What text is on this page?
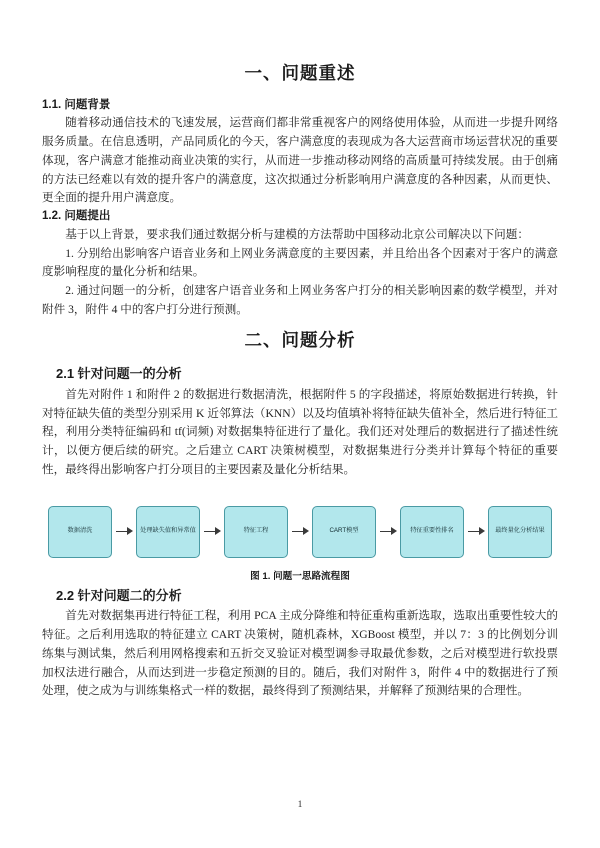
一、问题重述
1.1. 问题背景

随着移动通信技术的飞速发展，运营商们都非常重视客户的网络使用体验，从而进一步提升网络服务质量。在信息透明，产品同质化的今天，客户满意度的表现成为各大运营商市场运营状况的重要体现，客户满意才能推动商业决策的实行，从而进一步推动移动网络的高质量可持续发展。由于创痛的方法已经难以有效的提升客户的满意度，这次拟通过分析影响用户满意度的各种因素，从而更快、更全面的提升用户满意度。

1.2. 问题提出

基于以上背景，要求我们通过数据分析与建模的方法帮助中国移动北京公司解决以下问题：

1. 分别给出影响客户语音业务和上网业务满意度的主要因素，并且给出各个因素对于客户的满意度影响程度的量化分析和结果。

2. 通过问题一的分析，创建客户语音业务和上网业务客户打分的相关影响因素的数学模型，并对附件 3，附件 4 中的客户打分进行预测。

二、问题分析
2.1 针对问题一的分析

首先对附件 1 和附件 2 的数据进行数据清洗，根据附件 5 的字段描述，将原始数据进行转换，针对特征缺失值的类型分别采用 K 近邻算法（KNN）以及均值填补将特征缺失值补全，然后进行特征工程，利用分类特征编码和 tf(词频) 对数据集特征进行了量化。我们还对处理后的数据进行了描述性统计，以便方便后续的研究。之后建立 CART 决策树模型，对数据集进行分类并计算每个特征的重要性，最终得出影响客户打分项目的主要因素及量化分析结果。

数据清洗	处理缺失值和异常值	特征工程	CART模型	特征重要性排名	最终量化分析结果
图 1. 问题一思路流程图
2.2 针对问题二的分析

首先对数据集再进行特征工程，利用 PCA 主成分降维和特征重构重新选取，选取出重要性较大的特征。之后利用选取的特征建立 CART 决策树，随机森林，XGBoost 模型，并以 7：3 的比例划分训练集与测试集，然后利用网格搜索和五折交叉验证对模型调参寻取最优参数，之后对模型进行软投票加权法进行融合，从而达到进一步稳定预测的目的。随后，我们对附件 3，附件 4 中的数据进行了预处理，使之成为与训练集格式一样的数据，最终得到了预测结果，并解释了预测结果的合理性。

1
